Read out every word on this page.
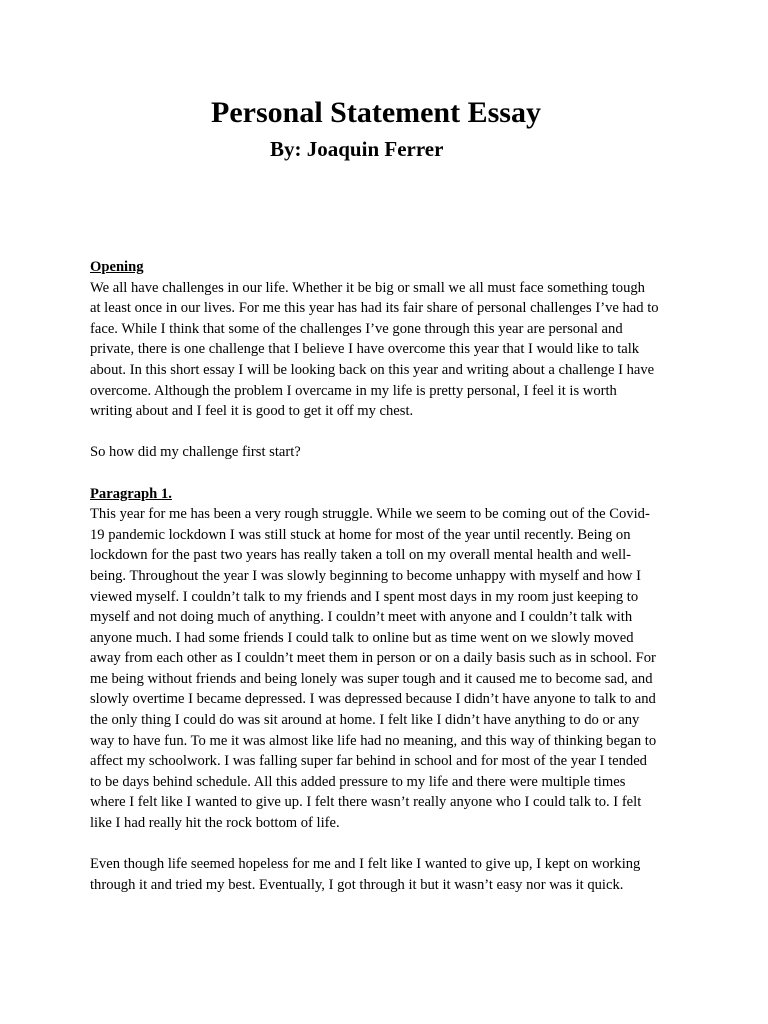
Personal Statement Essay

By: Joaquin Ferrer

Opening

We all have challenges in our life. Whether it be big or small we all must face something tough
at least once in our lives. For me this year has had its fair share of personal challenges I’ve had to
face. While I think that some of the challenges I’ve gone through this year are personal and
private, there is one challenge that I believe I have overcome this year that I would like to talk
about. In this short essay I will be looking back on this year and writing about a challenge I have
overcome. Although the problem I overcame in my life is pretty personal, I feel it is worth
writing about and I feel it is good to get it off my chest.

So how did my challenge first start?

Paragraph 1.

This year for me has been a very rough struggle. While we seem to be coming out of the Covid-
19 pandemic lockdown I was still stuck at home for most of the year until recently. Being on
lockdown for the past two years has really taken a toll on my overall mental health and well-
being. Throughout the year I was slowly beginning to become unhappy with myself and how I
viewed myself. I couldn’t talk to my friends and I spent most days in my room just keeping to
myself and not doing much of anything. I couldn’t meet with anyone and I couldn’t talk with
anyone much. I had some friends I could talk to online but as time went on we slowly moved
away from each other as I couldn’t meet them in person or on a daily basis such as in school. For
me being without friends and being lonely was super tough and it caused me to become sad, and
slowly overtime I became depressed. I was depressed because I didn’t have anyone to talk to and
the only thing I could do was sit around at home. I felt like I didn’t have anything to do or any
way to have fun. To me it was almost like life had no meaning, and this way of thinking began to
affect my schoolwork. I was falling super far behind in school and for most of the year I tended
to be days behind schedule. All this added pressure to my life and there were multiple times
where I felt like I wanted to give up. I felt there wasn’t really anyone who I could talk to. I felt
like I had really hit the rock bottom of life.

Even though life seemed hopeless for me and I felt like I wanted to give up, I kept on working
through it and tried my best. Eventually, I got through it but it wasn’t easy nor was it quick.
